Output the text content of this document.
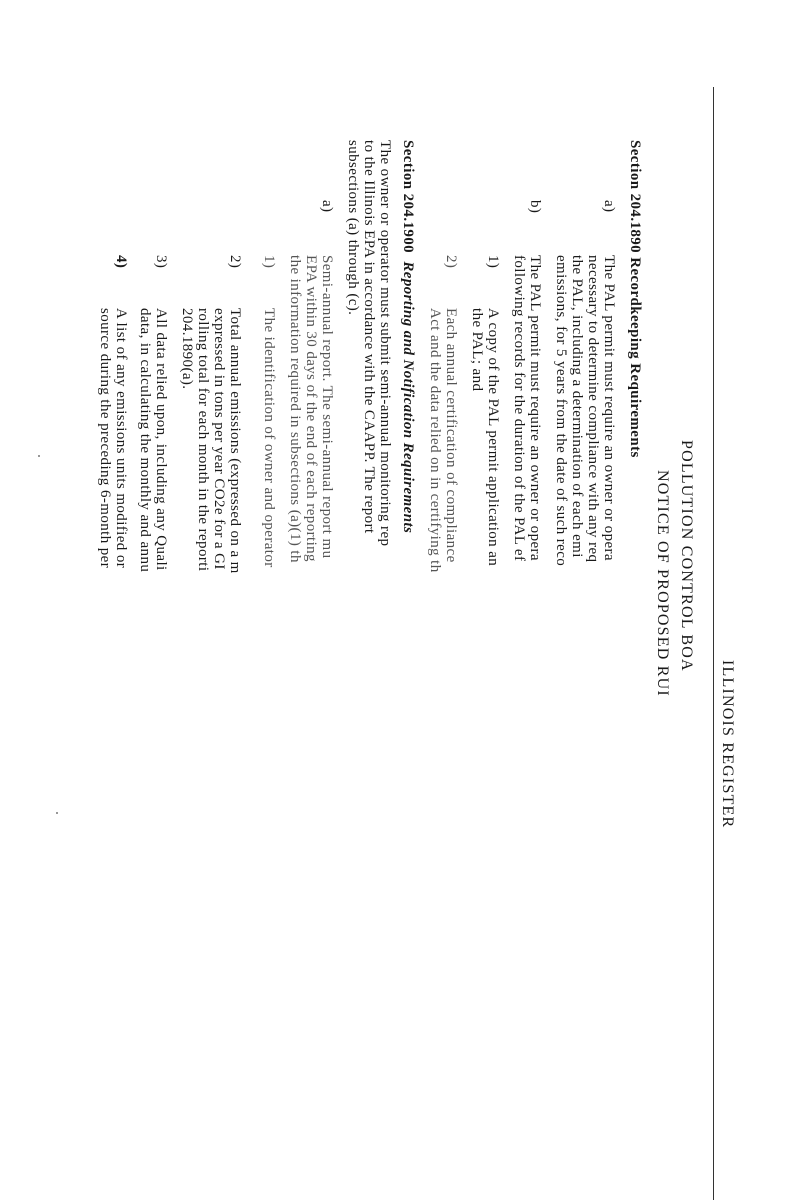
ILLINOIS REGISTER
POLLUTION CONTROL BOA
NOTICE OF PROPOSED RUI
Section 204.1890 Recordkeeping Requirements
a)
The PAL permit must require an owner or opera
necessary to determine compliance with any req
the PAL, including a determination of each emi
emissions, for 5 years from the date of such reco
b)
The PAL permit must require an owner or opera
following records for the duration of the PAL ef
1)
A copy of the PAL permit application an
the PAL; and
2)
Each annual certification of compliance
Act and the data relied on in certifying th
Section 204.1900  Reporting and Notification Requirements
The owner or operator must submit semi-annual monitoring rep
to the Illinois EPA in accordance with the CAAPP. The report
subsections (a) through (c).
a)
Semi-annual report. The semi-annual report mu
EPA within 30 days of the end of each reporting
the information required in subsections (a)(1) th
1)
The identification of owner and operator
2)
Total annual emissions (expressed on a m
expressed in tons per year CO2e for a GI
rolling total for each month in the reporti
204.1890(a).
3)
All data relied upon, including any Quali
data, in calculating the monthly and annu
4)
A list of any emissions units modified or
source during the preceding 6-month per
